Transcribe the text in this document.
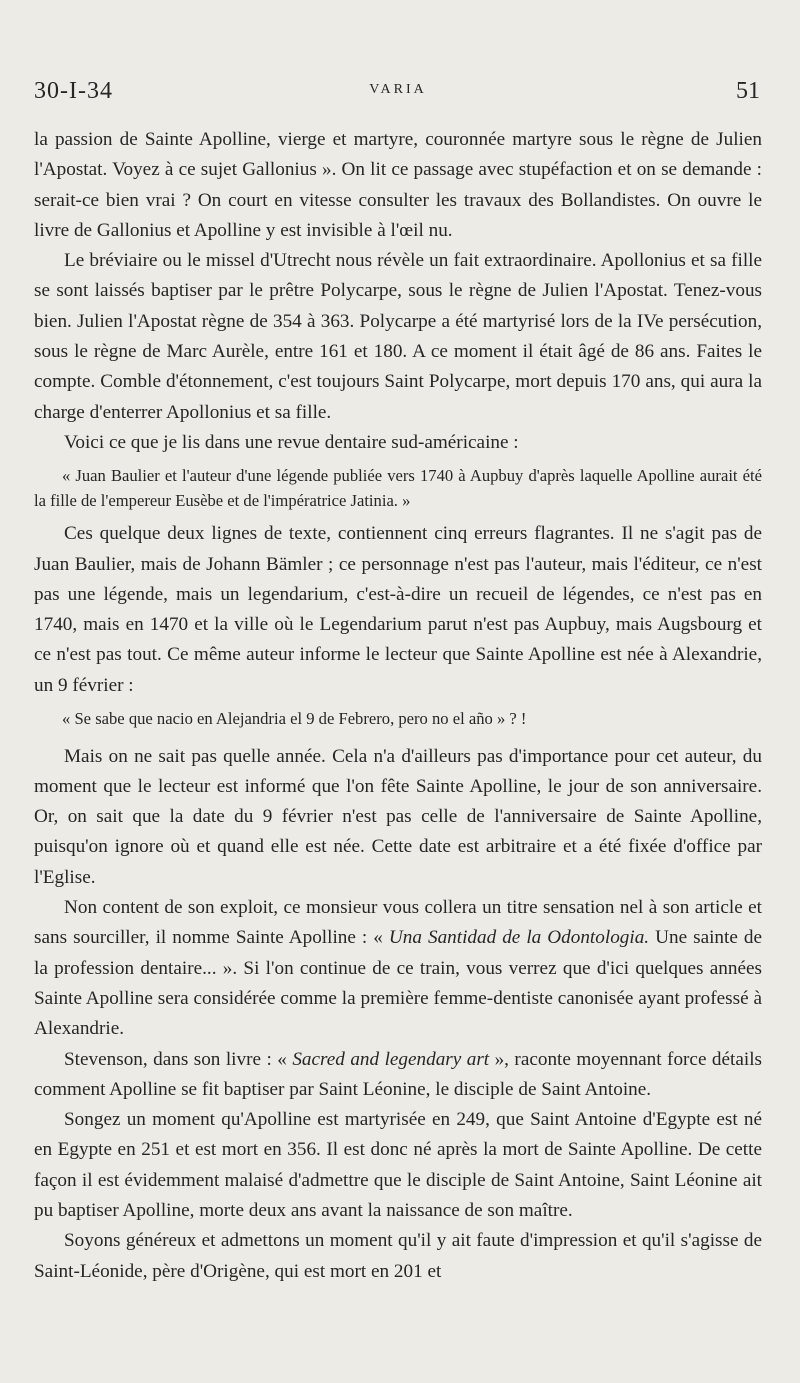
30-I-34	VARIA	51

la passion de Sainte Apolline, vierge et martyre, couronnée martyre sous le règne de Julien l'Apostat. Voyez à ce sujet Gallonius ». On lit ce passage avec stupéfaction et on se demande : serait-ce bien vrai ? On court en vitesse consulter les travaux des Bollandistes. On ouvre le livre de Gallonius et Apolline y est invisible à l'œil nu.

Le bréviaire ou le missel d'Utrecht nous révèle un fait extraordinaire. Apollonius et sa fille se sont laissés baptiser par le prêtre Polycarpe, sous le règne de Julien l'Apostat. Tenez-vous bien. Julien l'Apostat règne de 354 à 363. Polycarpe a été martyrisé lors de la IVe persécution, sous le règne de Marc Aurèle, entre 161 et 180. A ce moment il était âgé de 86 ans. Faites le compte. Comble d'étonnement, c'est toujours Saint Polycarpe, mort depuis 170 ans, qui aura la charge d'enterrer Apollonius et sa fille.

Voici ce que je lis dans une revue dentaire sud-américaine :

« Juan Baulier et l'auteur d'une légende publiée vers 1740 à Aupbuy d'après laquelle Apolline aurait été la fille de l'empereur Eusèbe et de l'impératrice Jatinia. »

Ces quelque deux lignes de texte, contiennent cinq erreurs flagrantes. Il ne s'agit pas de Juan Baulier, mais de Johann Bämler ; ce personnage n'est pas l'auteur, mais l'éditeur, ce n'est pas une légende, mais un legendarium, c'est-à-dire un recueil de légendes, ce n'est pas en 1740, mais en 1470 et la ville où le Legendarium parut n'est pas Aupbuy, mais Augsbourg et ce n'est pas tout. Ce même auteur informe le lecteur que Sainte Apolline est née à Alexandrie, un 9 février :

« Se sabe que nacio en Alejandria el 9 de Febrero, pero no el año » ? !

Mais on ne sait pas quelle année. Cela n'a d'ailleurs pas d'importance pour cet auteur, du moment que le lecteur est informé que l'on fête Sainte Apolline, le jour de son anniversaire. Or, on sait que la date du 9 février n'est pas celle de l'anniversaire de Sainte Apolline, puisqu'on ignore où et quand elle est née. Cette date est arbitraire et a été fixée d'office par l'Eglise.

Non content de son exploit, ce monsieur vous collera un titre sensation nel à son article et sans sourciller, il nomme Sainte Apolline : « Una Santidad de la Odontologia. Une sainte de la profession dentaire... ». Si l'on continue de ce train, vous verrez que d'ici quelques années Sainte Apolline sera considérée comme la première femme-dentiste canonisée ayant professé à Alexandrie.

Stevenson, dans son livre : « Sacred and legendary art », raconte moyennant force détails comment Apolline se fit baptiser par Saint Léonine, le disciple de Saint Antoine.

Songez un moment qu'Apolline est martyrisée en 249, que Saint Antoine d'Egypte est né en Egypte en 251 et est mort en 356. Il est donc né après la mort de Sainte Apolline. De cette façon il est évidemment malaisé d'admettre que le disciple de Saint Antoine, Saint Léonine ait pu baptiser Apolline, morte deux ans avant la naissance de son maître.

Soyons généreux et admettons un moment qu'il y ait faute d'impression et qu'il s'agisse de Saint-Léonide, père d'Origène, qui est mort en 201 et
